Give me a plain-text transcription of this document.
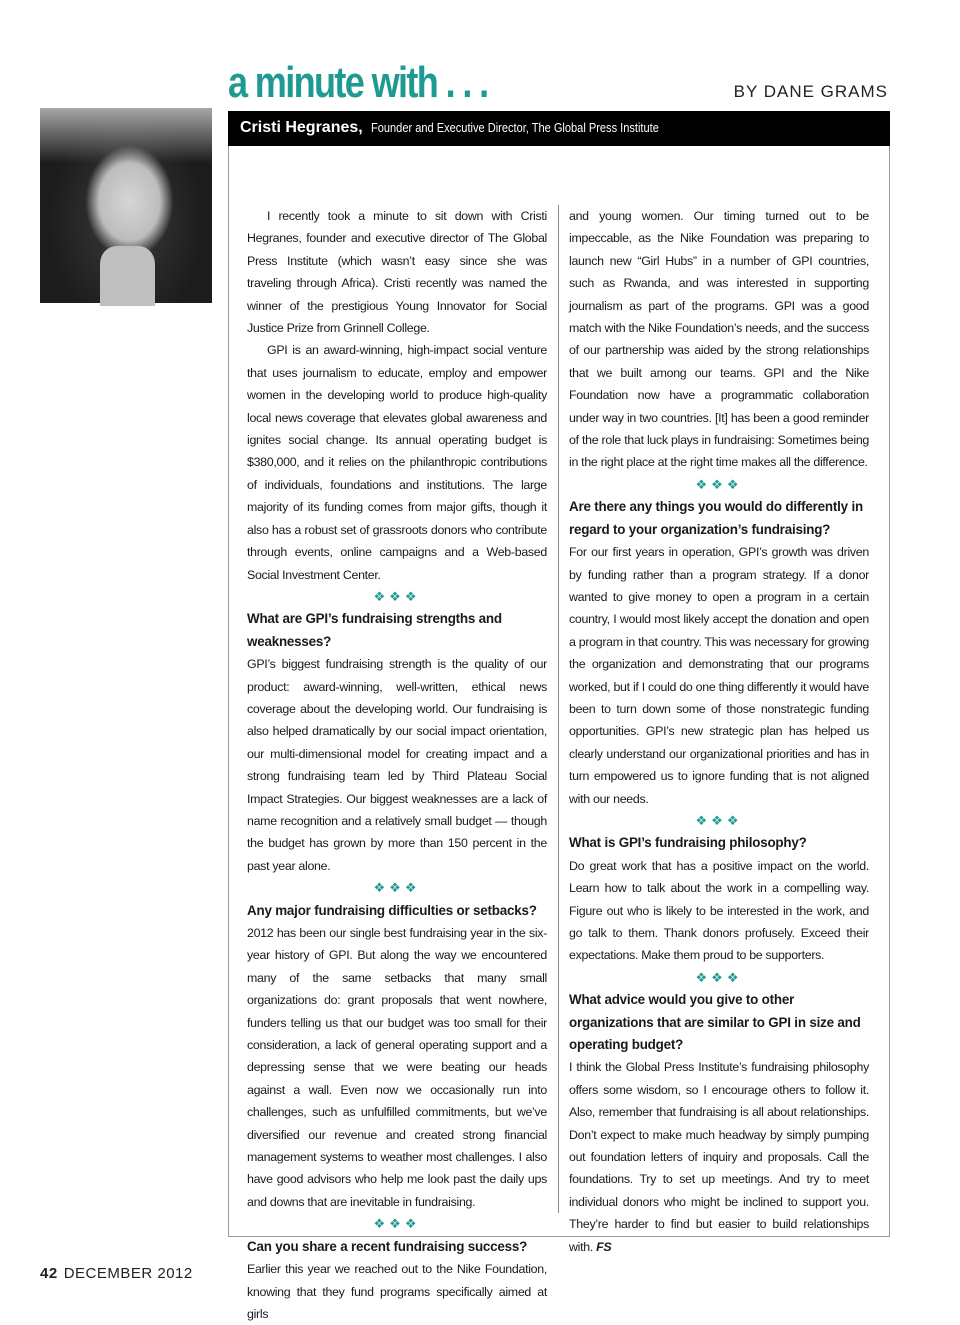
a minute with . . .	BY DANE GRAMS
Cristi Hegranes, Founder and Executive Director, The Global Press Institute

I recently took a minute to sit down with Cristi Hegranes, founder and executive director of The Global Press Institute (which wasn’t easy since she was traveling through Africa). Cristi recently was named the winner of the prestigious Young Innovator for Social Justice Prize from Grinnell College.

GPI is an award-winning, high-impact social venture that uses journalism to educate, employ and empower women in the developing world to produce high-quality local news coverage that elevates global awareness and ignites social change. Its annual operating budget is $380,000, and it relies on the philanthropic contributions of individuals, foundations and institutions. The large majority of its funding comes from major gifts, though it also has a robust set of grassroots donors who contribute through events, online campaigns and a Web-based Social Investment Center.

❖❖❖
What are GPI’s fundraising strengths and weaknesses?

GPI’s biggest fundraising strength is the quality of our product: award-winning, well-written, ethical news coverage about the developing world. Our fundraising is also helped dramatically by our social impact orientation, our multi-dimensional model for creating impact and a strong fundraising team led by Third Plateau Social Impact Strategies. Our biggest weaknesses are a lack of name recognition and a relatively small budget — though the budget has grown by more than 150 percent in the past year alone.

❖❖❖
Any major fundraising difficulties or setbacks?

2012 has been our single best fundraising year in the six-year history of GPI. But along the way we encountered many of the same setbacks that many small organizations do: grant proposals that went nowhere, funders telling us that our budget was too small for their consideration, a lack of general operating support and a depressing sense that we were beating our heads against a wall. Even now we occasionally run into challenges, such as unfulfilled commitments, but we’ve diversified our revenue and created strong financial management systems to weather most challenges. I also have good advisors who help me look past the daily ups and downs that are inevitable in fundraising.

❖❖❖
Can you share a recent fundraising success?

Earlier this year we reached out to the Nike Foundation, knowing that they fund programs specifically aimed at girls

and young women. Our timing turned out to be impeccable, as the Nike Foundation was preparing to launch new “Girl Hubs” in a number of GPI countries, such as Rwanda, and was interested in supporting journalism as part of the programs. GPI was a good match with the Nike Foundation’s needs, and the success of our partnership was aided by the strong relationships that we built among our teams. GPI and the Nike Foundation now have a programmatic collaboration under way in two countries. [It] has been a good reminder of the role that luck plays in fundraising: Sometimes being in the right place at the right time makes all the difference.

❖❖❖
Are there any things you would do differently in regard to your organization’s fundraising?

For our first years in operation, GPI’s growth was driven by funding rather than a program strategy. If a donor wanted to give money to open a program in a certain country, I would most likely accept the donation and open a program in that country. This was necessary for growing the organization and demonstrating that our programs worked, but if I could do one thing differently it would have been to turn down some of those nonstrategic funding opportunities. GPI’s new strategic plan has helped us clearly understand our organizational priorities and has in turn empowered us to ignore funding that is not aligned with our needs.

❖❖❖
What is GPI’s fundraising philosophy?

Do great work that has a positive impact on the world. Learn how to talk about the work in a compelling way. Figure out who is likely to be interested in the work, and go talk to them. Thank donors profusely. Exceed their expectations. Make them proud to be supporters.

❖❖❖
What advice would you give to other organizations that are similar to GPI in size and operating budget?

I think the Global Press Institute’s fundraising philosophy offers some wisdom, so I encourage others to follow it. Also, remember that fundraising is all about relationships. Don’t expect to make much headway by simply pumping out foundation letters of inquiry and proposals. Call the foundations. Try to set up meetings. And try to meet individual donors who might be inclined to support you. They’re harder to find but easier to build relationships with. FS

42 DECEMBER 2012
